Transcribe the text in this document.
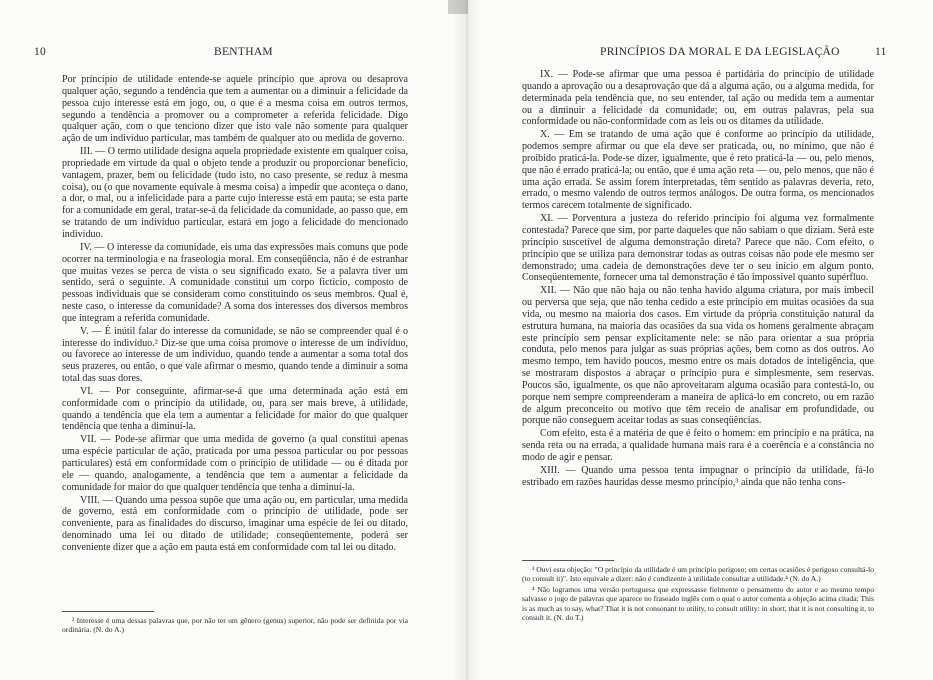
10	BENTHAM

Por princípio de utilidade entende-se aquele princípio que aprova ou desaprova qualquer ação, segundo a tendência que tem a aumentar ou a diminuir a felicidade da pessoa cujo interesse está em jogo, ou, o que é a mesma coisa em outros termos, segundo a tendência a promover ou a comprometer a referida felicidade. Digo qualquer ação, com o que tenciono dizer que isto vale não somente para qualquer ação de um indivíduo particular, mas também de qualquer ato ou medida de governo.

III. — O termo utilidade designa aquela propriedade existente em qualquer coisa, propriedade em virtude da qual o objeto tende a produzir ou proporcionar benefício, vantagem, prazer, bem ou felicidade (tudo isto, no caso presente, se reduz à mesma coisa), ou (o que novamente equivale à mesma coisa) a impedir que aconteça o dano, a dor, o mal, ou a infelicidade para a parte cujo interesse está em pauta; se esta parte for a comunidade em geral, tratar-se-á da felicidade da comunidade, ao passo que, em se tratando de um indivíduo particular, estará em jogo a felicidade do mencionado indivíduo.

IV. — O interesse da comunidade, eis uma das expressões mais comuns que pode ocorrer na terminologia e na fraseologia moral. Em conseqüência, não é de estranhar que muitas vezes se perca de vista o seu significado exato. Se a palavra tiver um sentido, será o seguinte. A comunidade constitui um corpo fictício, composto de pessoas individuais que se consideram como constituindo os seus membros. Qual é, neste caso, o interesse da comunidade? A soma dos interesses dos diversos membros que integram a referida comunidade.

V. — É inútil falar do interesse da comunidade, se não se compreender qual é o interesse do indivíduo.² Diz-se que uma coisa promove o interesse de um indivíduo, ou favorece ao interesse de um indivíduo, quando tende a aumentar a soma total dos seus prazeres, ou então, o que vale afirmar o mesmo, quando tende a diminuir a soma total das suas dores.

VI. — Por conseguinte, afirmar-se-á que uma determinada ação está em conformidade com o princípio da utilidade, ou, para ser mais breve, à utilidade, quando a tendência que ela tem a aumentar a felicidade for maior do que qualquer tendência que tenha a diminuí-la.

VII. — Pode-se afirmar que uma medida de governo (a qual constitui apenas uma espécie particular de ação, praticada por uma pessoa particular ou por pessoas particulares) está em conformidade com o princípio de utilidade — ou é ditada por ele — quando, analogamente, a tendência que tem a aumentar a felicidade da comunidade for maior do que qualquer tendência que tenha a diminuí-la.

VIII. — Quando uma pessoa supõe que uma ação ou, em particular, uma medida de governo, está em conformidade com o princípio de utilidade, pode ser conveniente, para as finalidades do discurso, imaginar uma espécie de lei ou ditado, denominado uma lei ou ditado de utilidade; conseqüentemente, poderá ser conveniente dizer que a ação em pauta está em conformidade com tal lei ou ditado.

² Interesse é uma dessas palavras que, por não ter um gênero (genus) superior, não pode ser definida por via ordinária. (N. do A.)

PRINCÍPIOS DA MORAL E DA LEGISLAÇÃO	11

IX. — Pode-se afirmar que uma pessoa é partidária do princípio de utilidade quando a aprovação ou a desaprovação que dá a alguma ação, ou a alguma medida, for determinada pela tendência que, no seu entender, tal ação ou medida tem a aumentar ou a diminuir a felicidade da comunidade; ou, em outras palavras, pela sua conformidade ou não-conformidade com as leis ou os ditames da utilidade.

X. — Em se tratando de uma ação que é conforme ao princípio da utilidade, podemos sempre afirmar ou que ela deve ser praticada, ou, no mínimo, que não é proibido praticá-la. Pode-se dizer, igualmente, que é reto praticá-la — ou, pelo menos, que não é errado praticá-la; ou então, que é uma ação reta — ou, pelo menos, que não é uma ação errada. Se assim forem interpretadas, têm sentido as palavras deveria, reto, errado, o mesmo valendo de outros termos análogos. De outra forma, os mencionados termos carecem totalmente de significado.

XI. — Porventura a justeza do referido princípio foi alguma vez formalmente contestada? Parece que sim, por parte daqueles que não sabiam o que diziam. Será este princípio suscetível de alguma demonstração direta? Parece que não. Com efeito, o princípio que se utiliza para demonstrar todas as outras coisas não pode ele mesmo ser demonstrado; uma cadeia de demonstrações deve ter o seu início em algum ponto. Conseqüentemente, fornecer uma tal demonstração é tão impossível quanto supérfluo.

XII. — Não que não haja ou não tenha havido alguma criatura, por mais imbecil ou perversa que seja, que não tenha cedido a este princípio em muitas ocasiões da sua vida, ou mesmo na maioria dos casos. Em virtude da própria constituição natural da estrutura humana, na maioria das ocasiões da sua vida os homens geralmente abraçam este princípio sem pensar explicitamente nele: se não para orientar a sua própria conduta, pelo menos para julgar as suas próprias ações, bem como as dos outros. Ao mesmo tempo, tem havido poucos, mesmo entre os mais dotados de inteligência, que se mostraram dispostos a abraçar o princípio pura e simplesmente, sem reservas. Poucos são, igualmente, os que não aproveitaram alguma ocasião para contestá-lo, ou porque nem sempre compreenderam a maneira de aplicá-lo em concreto, ou em razão de algum preconceito ou motivo que têm receio de analisar em profundidade, ou porque não conseguem aceitar todas as suas conseqüências.

Com efeito, esta é a matéria de que é feito o homem: em princípio e na prática, na senda reta ou na errada, a qualidade humana mais rara é a coerência e a constância no modo de agir e pensar.

XIII. — Quando uma pessoa tenta impugnar o princípio da utilidade, fá-lo estribado em razões hauridas desse mesmo princípio,³ ainda que não tenha cons-

³ Ouvi esta objeção: "O princípio da utilidade é um princípio perigoso; em certas ocasiões é perigoso consultá-lo (to consult it)". Isto equivale a dizer: não é condizente à utilidade consultar a utilidade.⁴ (N. do A.)

⁴ Não logramos uma versão portuguesa que expressasse fielmente o pensamento do autor e ao mesmo tempo salvasse o jogo de palavras que aparece no fraseado inglês com o qual o autor comenta a objeção acima citada: This is as much as to say, what? That it is not consonant to utility, to consult utility: in short, that it is not consulting it, to consult it. (N. do T.)
